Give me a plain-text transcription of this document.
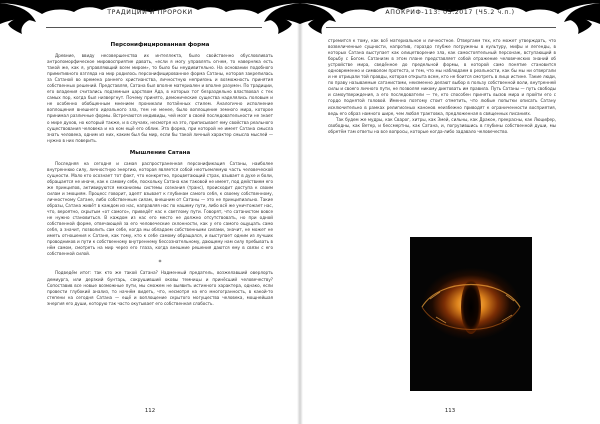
ТРАДИЦИИ И ПРОРОКИ
Персонифицированная форма

Древние, ввиду несовершенства их интеллекта, было свойственно обусловливать антропоморфическое мировосприятие давать, «если я могу управлять огнем, то наверняка есть такой же, как я, управляющий всем миром», то было бы неудивительно. На основании подобного примитивного взгляда на мир родилось персонифицированное форма Сатаны, которая закрепилась за Сатаной во времена раннего христианства, личностную неприязнь и возможность принятия собственных решений. Представляя, Сатана был вполне материален и вполне разумен. По традиции, его владения считались подземным царством Ада, в которых тот безраздельно властвовал с тех самых пор, когда был низвергнут. Почему принято, демонические существа наделялись половым и не особенно обобщенным мнением проникали потаённых стилем. Аналогично исполнение воплощения внешнего идеального зла, тем не менее, было воплощение земного мира, которое принимал различные формы. Встречаются индивиды, чей мозг в своей последовательности не знает о мире духов, но который также, и в случаях, несмотря на это, приписывает ему свойства реального существования человека и на ком ещё его облик. Эта форма, при которой не имеет Сатана смысла знать человека, одним из них, каким был бы мир, если бы такой личный характер смысла мыслей — нужно в них поверить.

Мышление Сатана

Последняя на сегодня и самая распространенная персонификация Сатаны, наиболее внутреннюю силу, личностную энергию, которая является собой неотъемлемую часть человеческой сущности. Мало кто осознает тот факт, что конкретно, процветающий страх, взывает в духе и боли, обращается не иначе, как к самому себе, поскольку Сатана как таковой не имеет, под действием его же принципов, активируются механизмы системы сознания (транс), происходит доступа к своим силам и эмоциям. Процесс говорит, адепт взывает к глубинам самого себя, к своему собственному, личностному Сатане, либо собственным силам, внешним от Сатаны — это не принципиально. Такие образы, Сатана живёт в каждом из нас, направляя нас по нашему пути, либо всё же уничтожает нас, что, вероятно, скрытым «от самого», приведёт нас к светлому пути. Говорят, что сатанистом вовсе не нужно становиться. В каждом из нас его место не должно отсутствовать, но при одной собственной форме, отвечающей за его человеческие склонности, как у его самого ощущать само себя, а значит, позволить сам себе, когда мы обладаем собственными силами, значит, не может не иметь отношения к Сатане, как тому, кто к себе самому обращался, и выступает одним из лучших проводников и пути к собственному внутреннему бессознательному, дающему нам силу пребывать в нём самом, смотреть на мир через его глаза, когда внешние решения даются ему в связи с его собственной силой.

*

Подведём итог: так кто же такой Сатана? Надменный предатель, возжелавший оверлорть демиурга, или дерзкий бунтарь, сокрушивший оковы темницы и принёсший человечеству? Сопоставив все новые возможные пути, мы сможем не выявить истинного характера, однако, если провести глубокий анализ, то начнём видеть, что, несмотря на его многогранность, в какой-то степени на сегодня Сатана — ещё и воплощение скрытого могущества человека, мощнейшая энергия его души, которую так часто окутывает его собственная слабость.

112
АПОКРИФ-113: 03.2017 (Ч5.2 ч.п.)

стремится к тому, как всё материальное и личностное. Отвергаем тех, кто может утверждать, что возвеличенные сущности, напротив, гораздо глубже погружены в культуру, мифы и легенды, в которых Сатана выступает как олицетворение зла, как самостоятельный персонаж, вступающий в борьбу с Богом. Сатанизм в этом плане представляет собой отражение человеческих знаний об устройстве мира, сведённое до предельной формы, в которой само понятие становится одновременно и символом протеста, и тем, что мы наблюдаем в реальности, как бы мы ни отвергали и не отрицали той правды, которая открыта всем, кто не боится смотреть в лицо истине. Такие люди, по праву называемые сатанистами, неизменно делают выбор в пользу собственной воли, внутренней силы и своего личного пути, не позволяя никому диктовать им правила. Путь Сатаны — путь свободы и самоутверждения, а его последователи — те, кто способен принять вызов мира и пройти его с гордо поднятой головой. Именно поэтому стоит отметить, что любые попытки описать Сатану исключительно в рамках религиозных канонов неизбежно приводят к ограниченности восприятия, ведь его образ намного шире, чем любая трактовка, предложенная в священных писаниях.

Так будем же мудры, как Сварог, хитры, как Змей, сильны, как Дракон, прекрасны, как Люцифер, свободны, как Ветер, и бессмертны, как Сатана, и, погрузившись в глубины собственной души, мы обретём там ответы на все вопросы, которые когда-либо задавало человечество.

113
